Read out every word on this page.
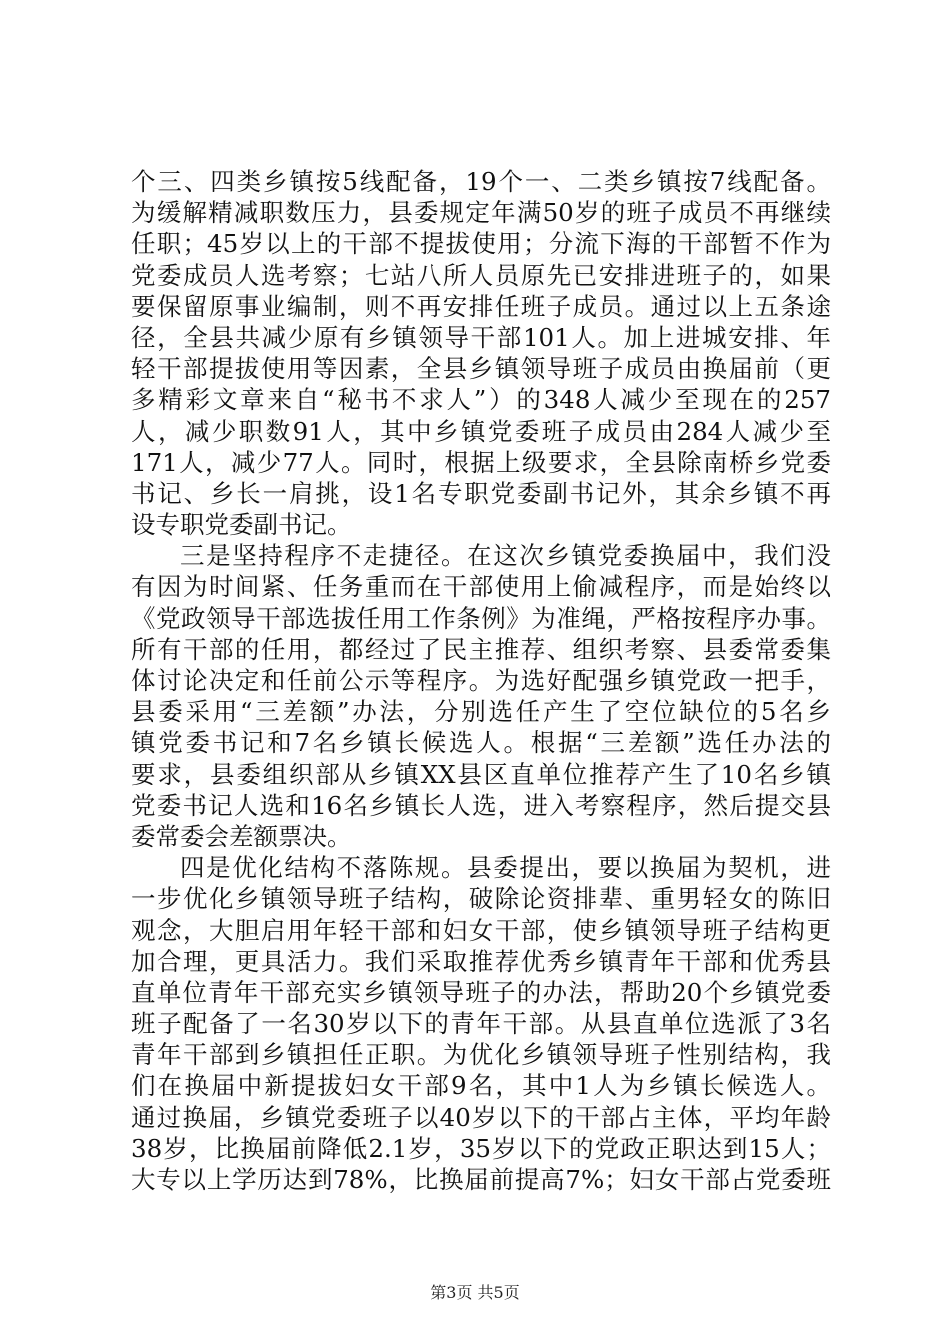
个三、四类乡镇按5线配备，19个一、二类乡镇按7线配备。
为缓解精减职数压力，县委规定年满50岁的班子成员不再继续
任职；45岁以上的干部不提拔使用；分流下海的干部暂不作为
党委成员人选考察；七站八所人员原先已安排进班子的，如果
要保留原事业编制，则不再安排任班子成员。通过以上五条途
径，全县共减少原有乡镇领导干部101人。加上进城安排、年
轻干部提拔使用等因素，全县乡镇领导班子成员由换届前（更
多精彩文章来自“秘书不求人”）的348人减少至现在的257
人，减少职数91人，其中乡镇党委班子成员由284人减少至
171人，减少77人。同时，根据上级要求，全县除南桥乡党委
书记、乡长一肩挑，设1名专职党委副书记外，其余乡镇不再
设专职党委副书记。
三是坚持程序不走捷径。在这次乡镇党委换届中，我们没
有因为时间紧、任务重而在干部使用上偷减程序，而是始终以
《党政领导干部选拔任用工作条例》为准绳，严格按程序办事。
所有干部的任用，都经过了民主推荐、组织考察、县委常委集
体讨论决定和任前公示等程序。为选好配强乡镇党政一把手，
县委采用“三差额”办法，分别选任产生了空位缺位的5名乡
镇党委书记和7名乡镇长候选人。根据“三差额”选任办法的
要求，县委组织部从乡镇XX县区直单位推荐产生了10名乡镇
党委书记人选和16名乡镇长人选，进入考察程序，然后提交县
委常委会差额票决。
四是优化结构不落陈规。县委提出，要以换届为契机，进
一步优化乡镇领导班子结构，破除论资排辈、重男轻女的陈旧
观念，大胆启用年轻干部和妇女干部，使乡镇领导班子结构更
加合理，更具活力。我们采取推荐优秀乡镇青年干部和优秀县
直单位青年干部充实乡镇领导班子的办法，帮助20个乡镇党委
班子配备了一名30岁以下的青年干部。从县直单位选派了3名
青年干部到乡镇担任正职。为优化乡镇领导班子性别结构，我
们在换届中新提拔妇女干部9名，其中1人为乡镇长候选人。
通过换届，乡镇党委班子以40岁以下的干部占主体，平均年龄
38岁，比换届前降低2.1岁，35岁以下的党政正职达到15人；
大专以上学历达到78%，比换届前提高7%；妇女干部占党委班
第3页 共5页
